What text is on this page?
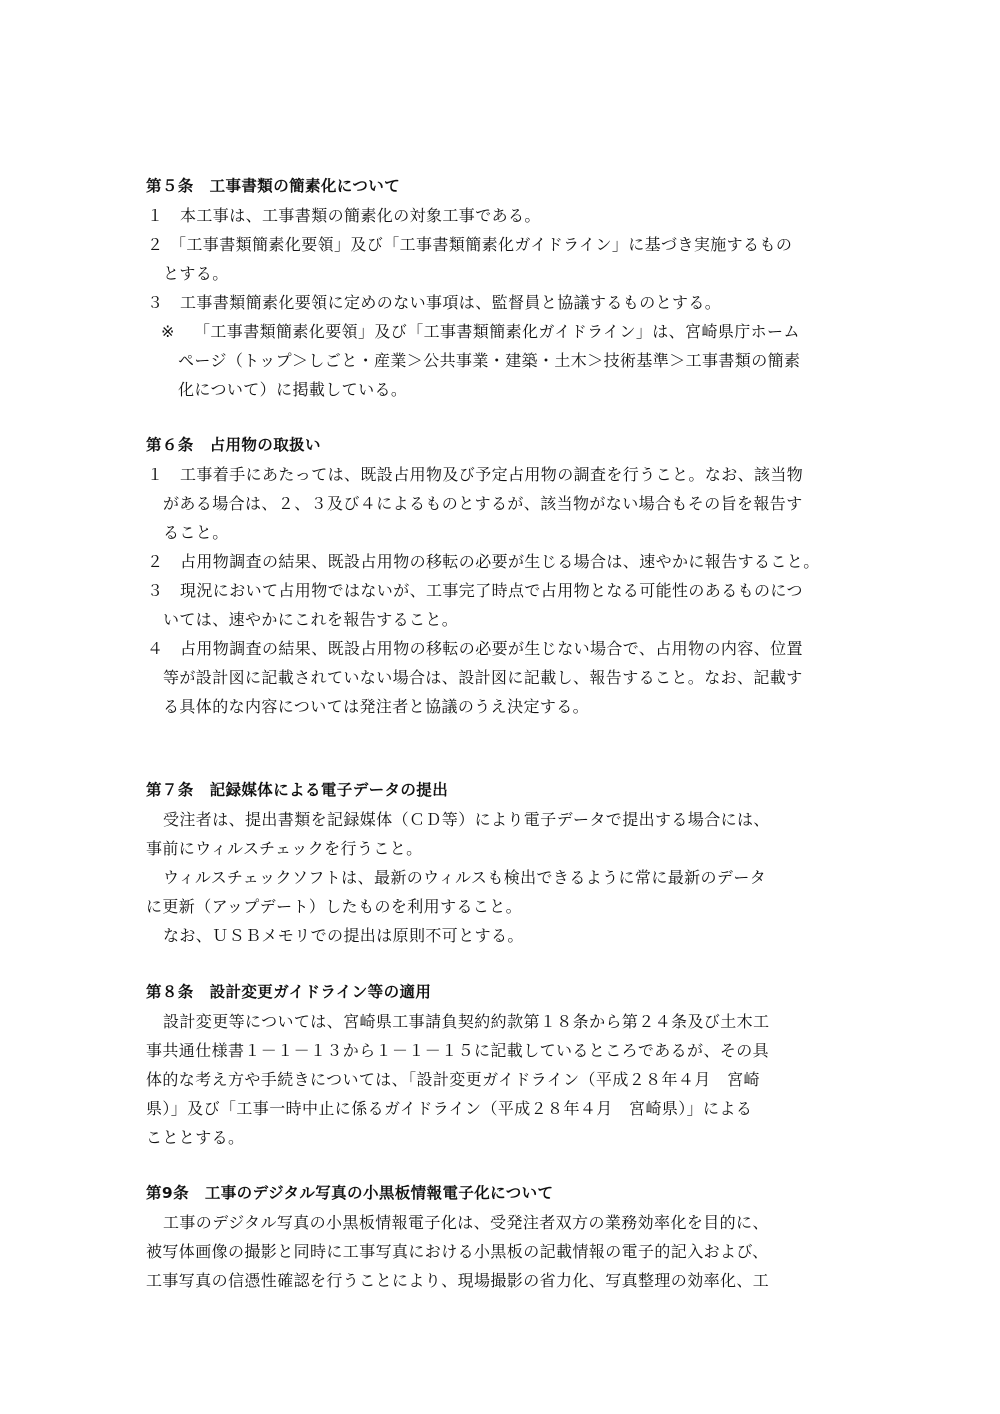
第５条　工事書類の簡素化について
１ 本工事は、工事書類の簡素化の対象工事である。
２ 「工事書類簡素化要領」及び「工事書類簡素化ガイドライン」に基づき実施するもの
とする。
３ 工事書類簡素化要領に定めのない事項は、監督員と協議するものとする。
※ 「工事書類簡素化要領」及び「工事書類簡素化ガイドライン」は、宮崎県庁ホーム
ページ（トップ＞しごと・産業＞公共事業・建築・土木＞技術基準＞工事書類の簡素
化について）に掲載している。
第６条　占用物の取扱い
１ 工事着手にあたっては、既設占用物及び予定占用物の調査を行うこと。なお、該当物
がある場合は、２、３及び４によるものとするが、該当物がない場合もその旨を報告す
ること。
２ 占用物調査の結果、既設占用物の移転の必要が生じる場合は、速やかに報告すること。
３ 現況において占用物ではないが、工事完了時点で占用物となる可能性のあるものにつ
いては、速やかにこれを報告すること。
４ 占用物調査の結果、既設占用物の移転の必要が生じない場合で、占用物の内容、位置
等が設計図に記載されていない場合は、設計図に記載し、報告すること。なお、記載す
る具体的な内容については発注者と協議のうえ決定する。
第７条　記録媒体による電子データの提出
受注者は、提出書類を記録媒体（ＣＤ等）により電子データで提出する場合には、
事前にウィルスチェックを行うこと。
ウィルスチェックソフトは、最新のウィルスも検出できるように常に最新のデータ
に更新（アップデート）したものを利用すること。
なお、ＵＳＢメモリでの提出は原則不可とする。
第８条　設計変更ガイドライン等の適用
設計変更等については、宮崎県工事請負契約約款第１８条から第２４条及び土木工
事共通仕様書１－１－１３から１－１－１５に記載しているところであるが、その具
体的な考え方や手続きについては、「設計変更ガイドライン（平成２８年４月　宮崎
県）」及び「工事一時中止に係るガイドライン（平成２８年４月　宮崎県）」による
こととする。
第9条　工事のデジタル写真の小黒板情報電子化について
工事のデジタル写真の小黒板情報電子化は、受発注者双方の業務効率化を目的に、
被写体画像の撮影と同時に工事写真における小黒板の記載情報の電子的記入および、
工事写真の信憑性確認を行うことにより、現場撮影の省力化、写真整理の効率化、工
